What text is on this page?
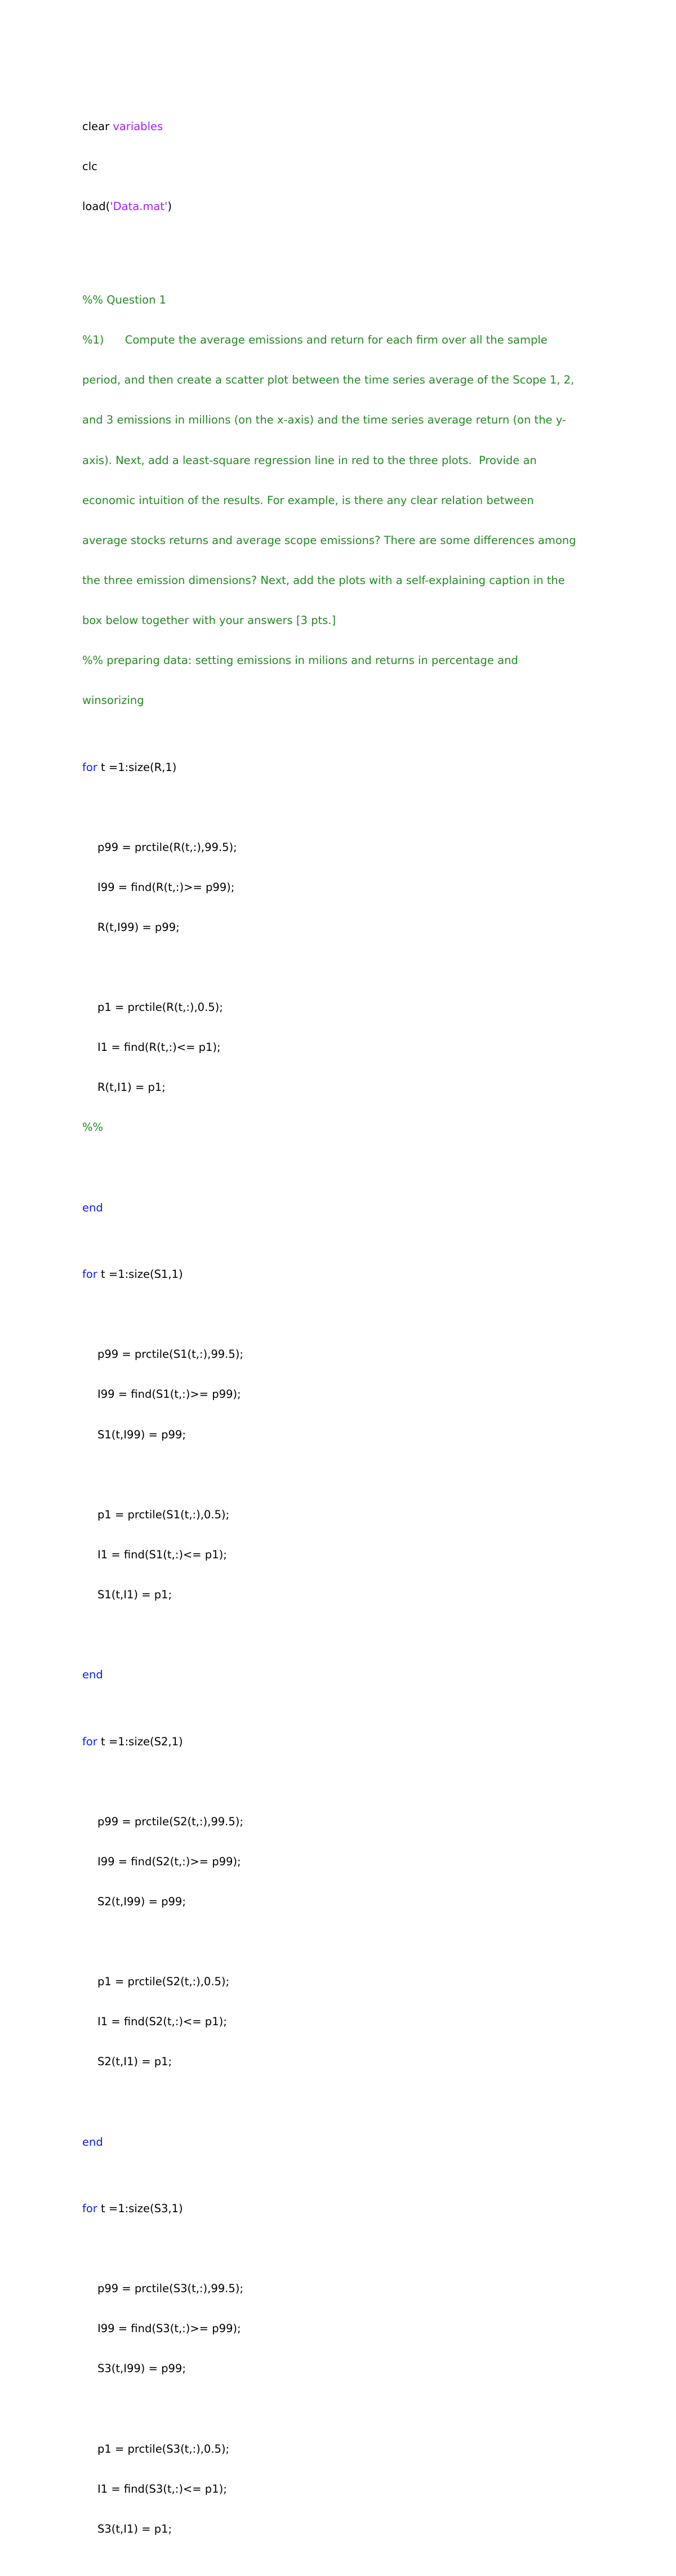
clear variables

clc

load('Data.mat')

%% Question 1

%1)      Compute the average emissions and return for each firm over all the sample

period, and then create a scatter plot between the time series average of the Scope 1, 2,

and 3 emissions in millions (on the x-axis) and the time series average return (on the y-

axis). Next, add a least-square regression line in red to the three plots.  Provide an

economic intuition of the results. For example, is there any clear relation between

average stocks returns and average scope emissions? There are some differences among

the three emission dimensions? Next, add the plots with a self-explaining caption in the

box below together with your answers [3 pts.]

%% preparing data: setting emissions in milions and returns in percentage and

winsorizing

for t =1:size(R,1)

p99 = prctile(R(t,:),99.5);

I99 = find(R(t,:)>= p99);

R(t,I99) = p99;

p1 = prctile(R(t,:),0.5);

I1 = find(R(t,:)<= p1);

R(t,I1) = p1;

%%

end

for t =1:size(S1,1)

p99 = prctile(S1(t,:),99.5);

I99 = find(S1(t,:)>= p99);

S1(t,I99) = p99;

p1 = prctile(S1(t,:),0.5);

I1 = find(S1(t,:)<= p1);

S1(t,I1) = p1;

end

for t =1:size(S2,1)

p99 = prctile(S2(t,:),99.5);

I99 = find(S2(t,:)>= p99);

S2(t,I99) = p99;

p1 = prctile(S2(t,:),0.5);

I1 = find(S2(t,:)<= p1);

S2(t,I1) = p1;

end

for t =1:size(S3,1)

p99 = prctile(S3(t,:),99.5);

I99 = find(S3(t,:)>= p99);

S3(t,I99) = p99;

p1 = prctile(S3(t,:),0.5);

I1 = find(S3(t,:)<= p1);

S3(t,I1) = p1;
